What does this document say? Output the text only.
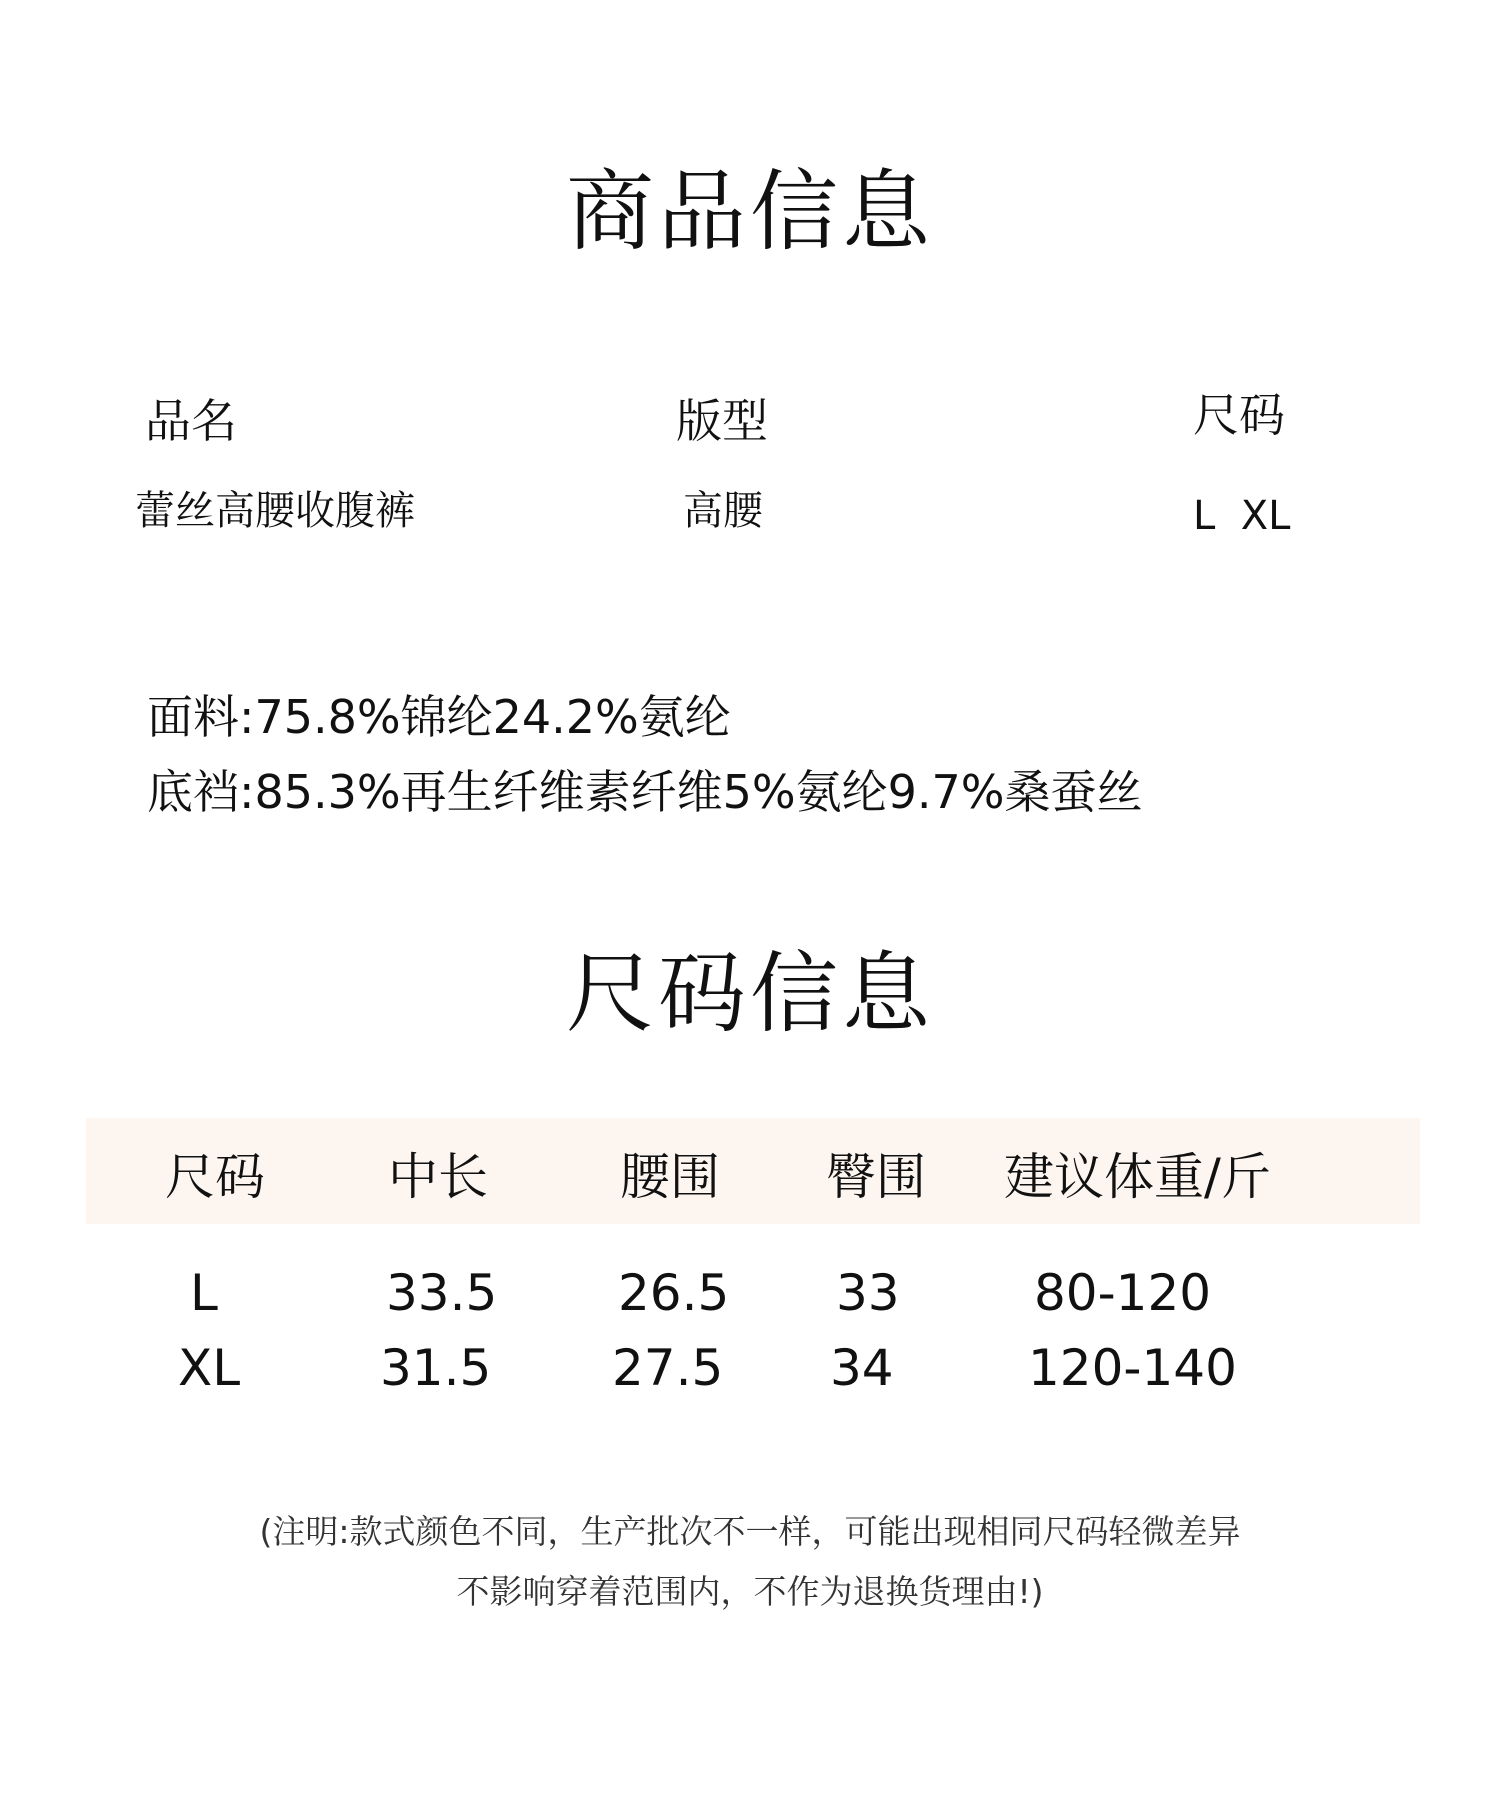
商品信息
品名	版型	尺码
蕾丝高腰收腹裤	高腰	L  XL
面料:75.8%锦纶24.2%氨纶
底裆:85.3%再生纤维素纤维5%氨纶9.7%桑蚕丝
尺码信息
尺码 中长	腰围 臀围 建议体重/斤
L	33.5 26.5 33	80-120
XL	31.5 27.5 34	120-140
(注明:款式颜色不同，生产批次不一样，可能出现相同尺码轻微差异
不影响穿着范围内，不作为退换货理由!)
